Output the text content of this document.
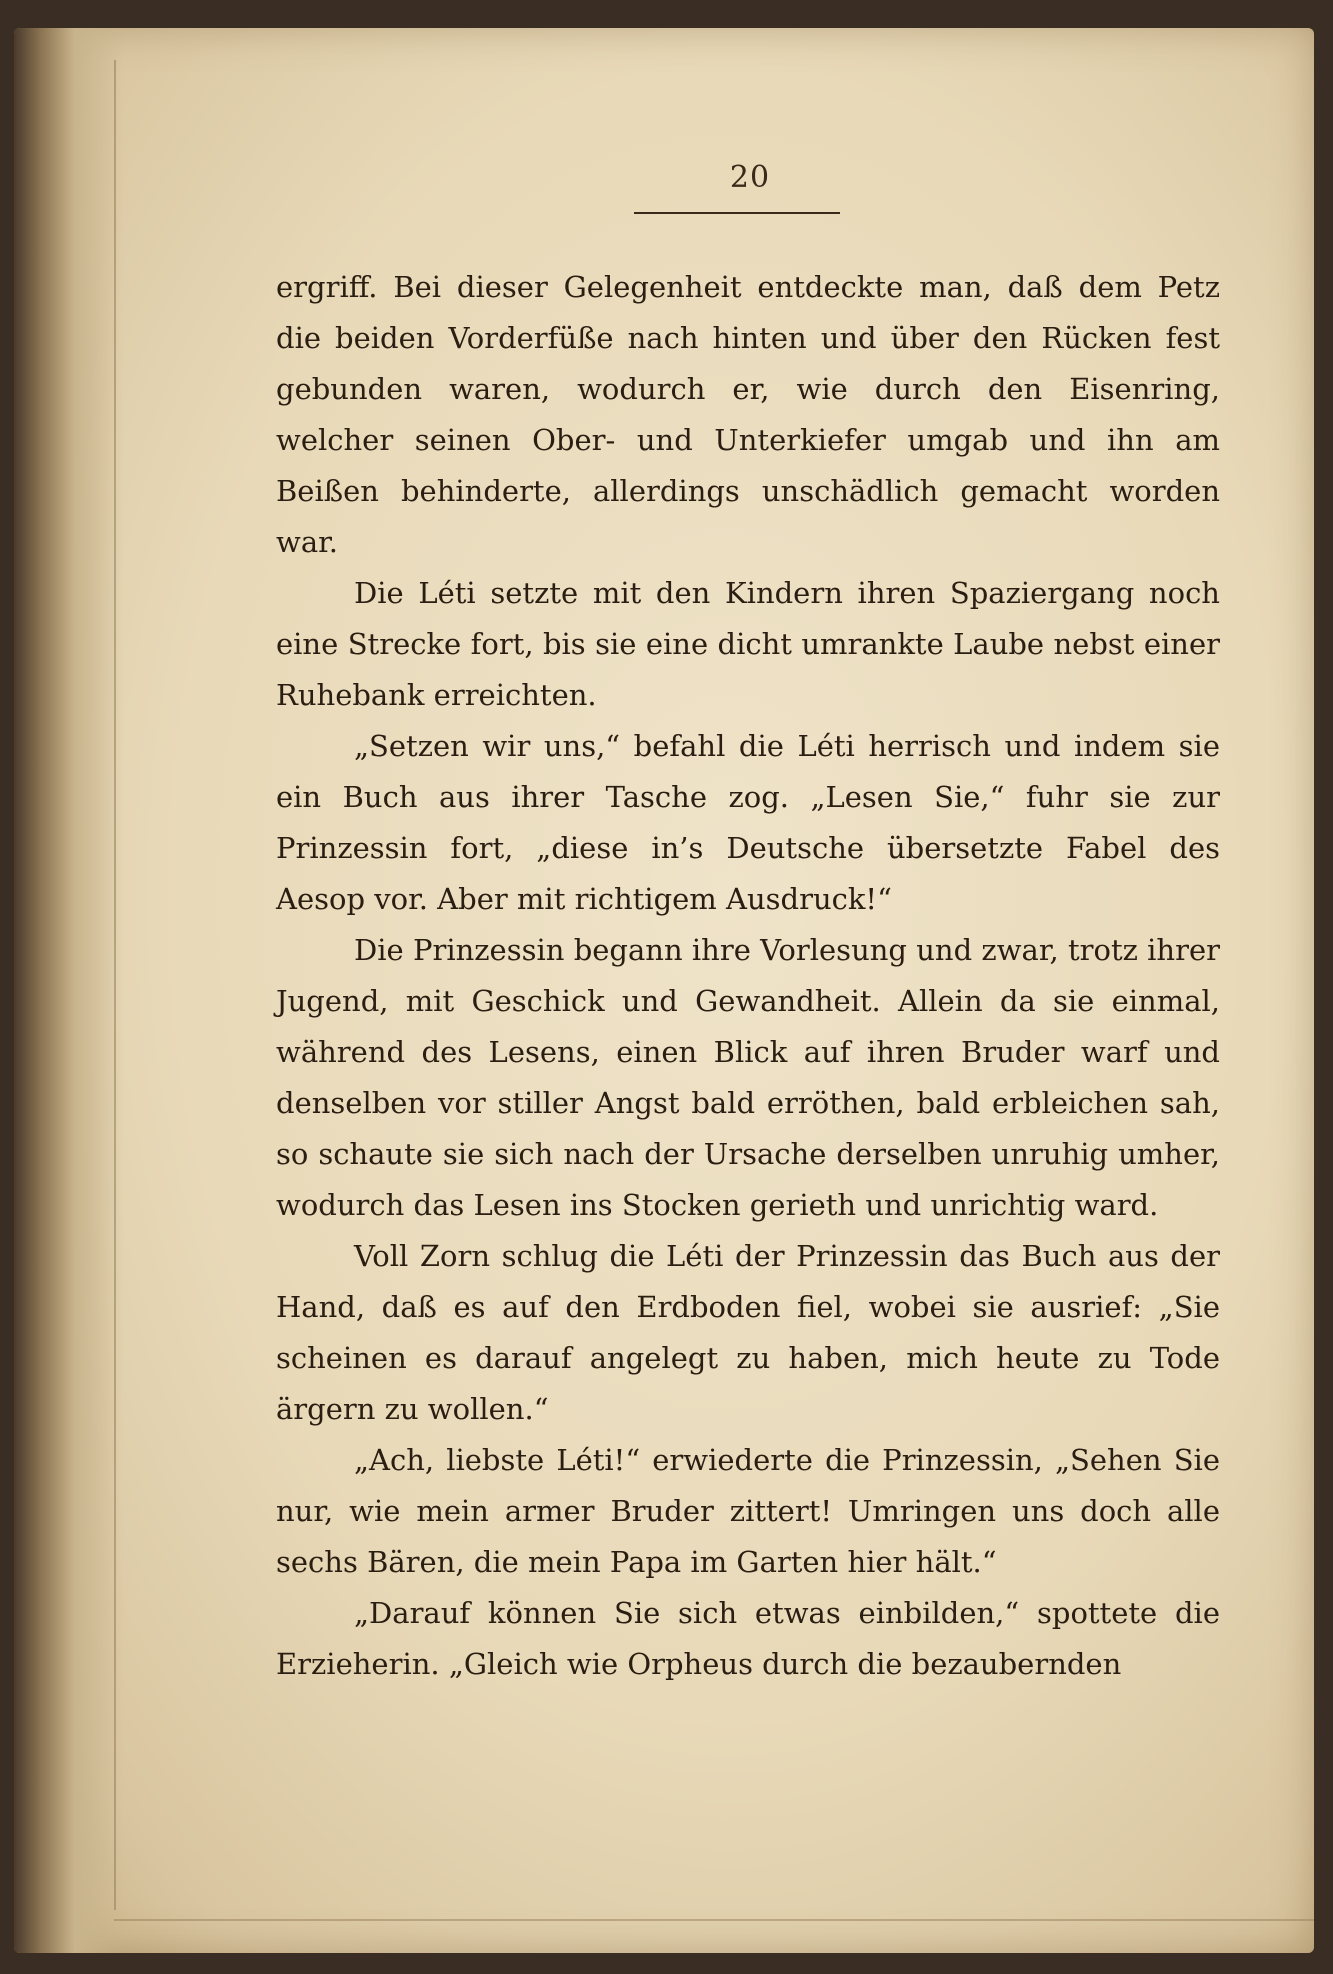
20

ergriff. Bei dieser Gelegenheit entdeckte man, daß dem Petz die beiden Vorderfüße nach hinten und über den Rücken fest gebunden waren, wodurch er, wie durch den Eisenring, welcher seinen Ober- und Unterkiefer umgab und ihn am Beißen behinderte, allerdings unschädlich gemacht worden war.

Die Léti setzte mit den Kindern ihren Spaziergang noch eine Strecke fort, bis sie eine dicht umrankte Laube nebst einer Ruhebank erreichten.

„Setzen wir uns,“ befahl die Léti herrisch und indem sie ein Buch aus ihrer Tasche zog. „Lesen Sie,“ fuhr sie zur Prinzessin fort, „diese in’s Deutsche übersetzte Fabel des Aesop vor. Aber mit richtigem Ausdruck!“

Die Prinzessin begann ihre Vorlesung und zwar, trotz ihrer Jugend, mit Geschick und Gewandheit. Allein da sie einmal, während des Lesens, einen Blick auf ihren Bruder warf und denselben vor stiller Angst bald erröthen, bald erbleichen sah, so schaute sie sich nach der Ursache derselben unruhig umher, wodurch das Lesen ins Stocken gerieth und unrichtig ward.

Voll Zorn schlug die Léti der Prinzessin das Buch aus der Hand, daß es auf den Erdboden fiel, wobei sie ausrief: „Sie scheinen es darauf angelegt zu haben, mich heute zu Tode ärgern zu wollen.“

„Ach, liebste Léti!“ erwiederte die Prinzessin, „Sehen Sie nur, wie mein armer Bruder zittert! Umringen uns doch alle sechs Bären, die mein Papa im Garten hier hält.“

„Darauf können Sie sich etwas einbilden,“ spottete die Erzieherin. „Gleich wie Orpheus durch die bezaubernden
